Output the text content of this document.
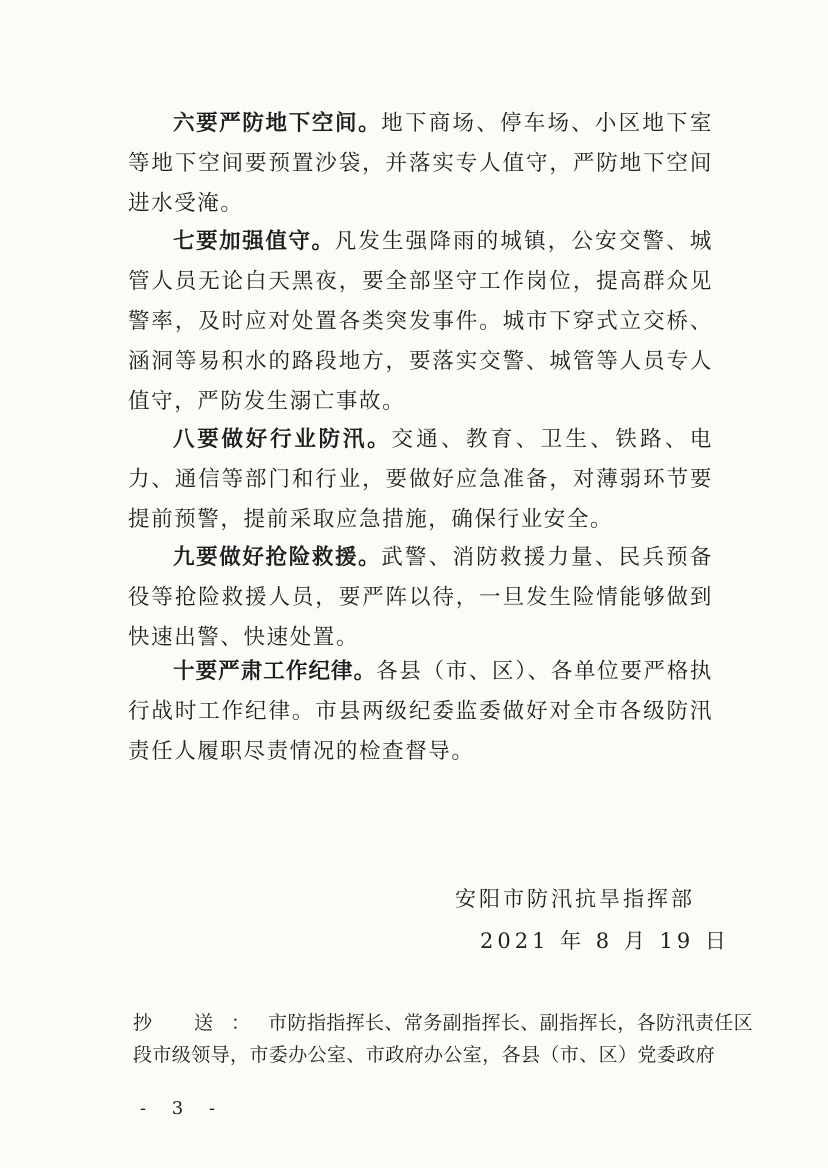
六要严防地下空间。地下商场、停车场、小区地下室等地下空间要预置沙袋，并落实专人值守，严防地下空间进水受淹。
七要加强值守。凡发生强降雨的城镇，公安交警、城管人员无论白天黑夜，要全部坚守工作岗位，提高群众见警率，及时应对处置各类突发事件。城市下穿式立交桥、涵洞等易积水的路段地方，要落实交警、城管等人员专人值守，严防发生溺亡事故。
八要做好行业防汛。交通、教育、卫生、铁路、电力、通信等部门和行业，要做好应急准备，对薄弱环节要提前预警，提前采取应急措施，确保行业安全。
九要做好抢险救援。武警、消防救援力量、民兵预备役等抢险救援人员，要严阵以待，一旦发生险情能够做到快速出警、快速处置。
十要严肃工作纪律。各县（市、区）、各单位要严格执行战时工作纪律。市县两级纪委监委做好对全市各级防汛责任人履职尽责情况的检查督导。
安阳市防汛抗旱指挥部
2021 年 8 月 19 日
抄 送：市防指指挥长、常务副指挥长、副指挥长，各防汛责任区
段市级领导，市委办公室、市政府办公室，各县（市、区）党委政府
- 3 -
